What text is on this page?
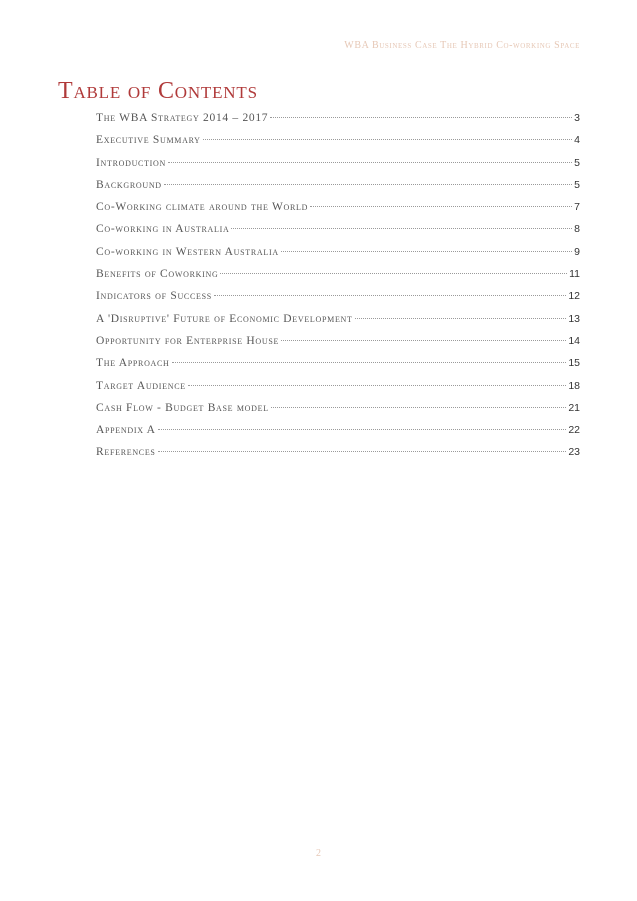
WBA Business Case The Hybrid Co-working Space
Table of Contents
The WBA Strategy 2014 – 2017	3
Executive Summary	4
Introduction	5
Background	5
Co-Working climate around the World	7
Co-working in Australia	8
Co-working in Western Australia	9
Benefits of Coworking	11
Indicators of Success	12
A 'Disruptive' Future of Economic Development	13
Opportunity for Enterprise House	14
The Approach	15
Target Audience	18
Cash Flow - Budget Base model	21
Appendix A	22
References	23
2
